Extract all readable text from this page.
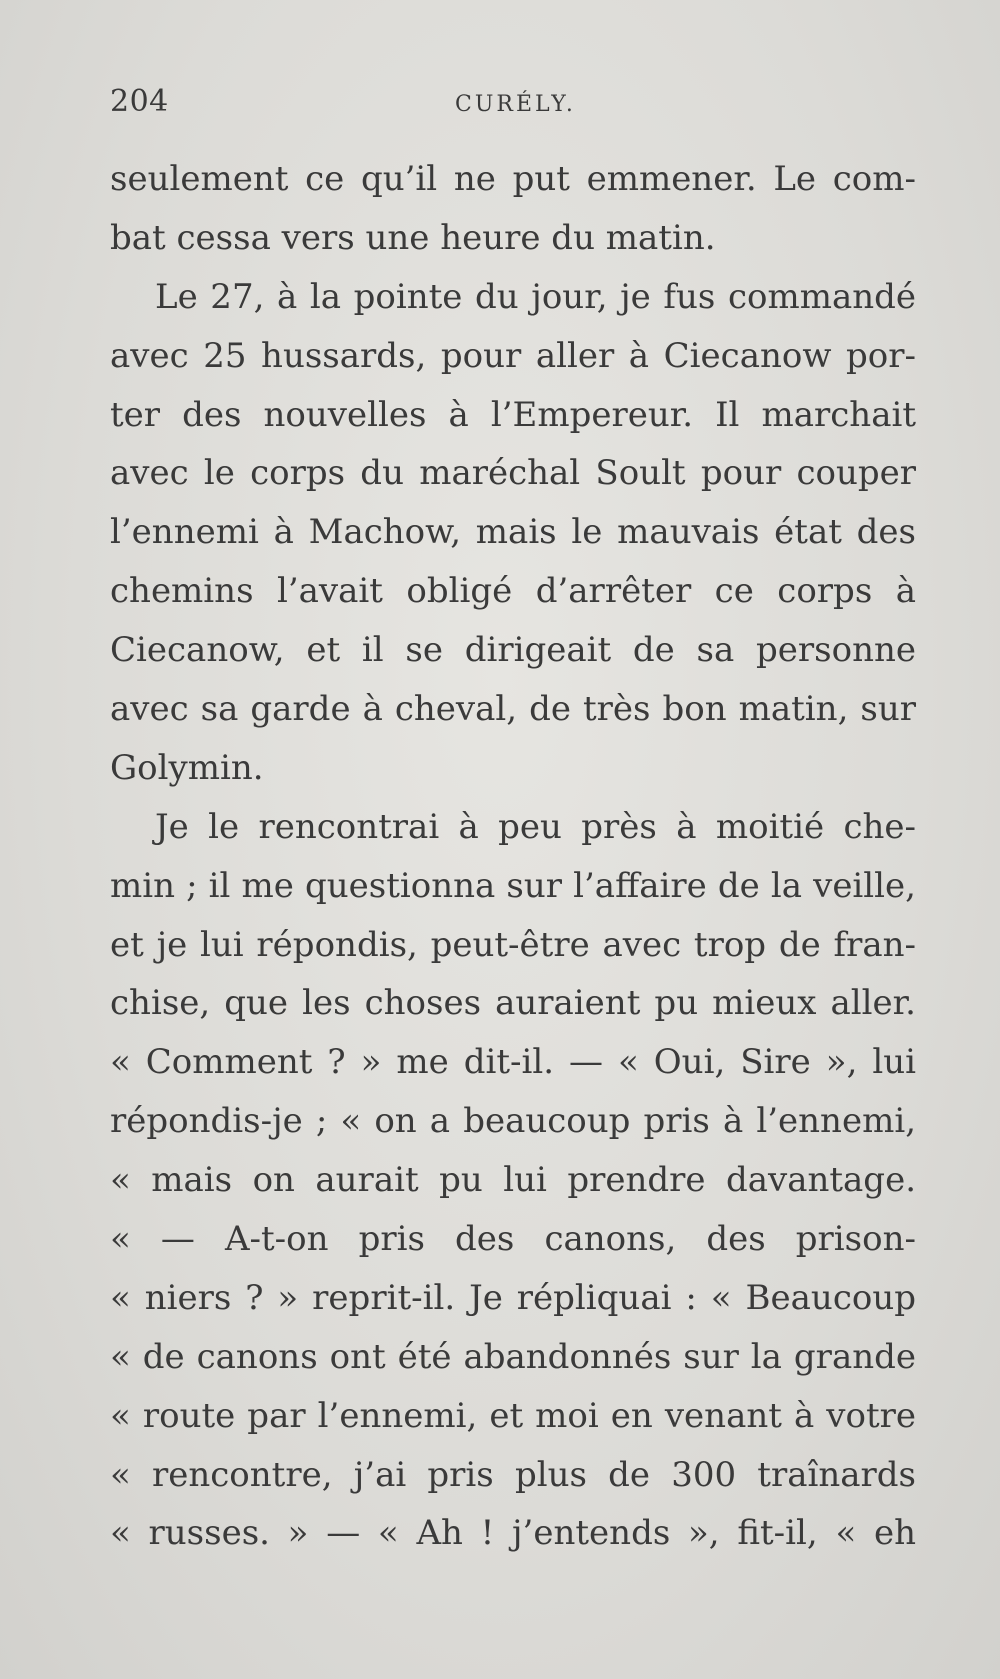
204	CURÉLY.
seulement ce qu’il ne put emmener. Le com-
bat cessa vers une heure du matin.
Le 27, à la pointe du jour, je fus commandé
avec 25 hussards, pour aller à Ciecanow por-
ter des nouvelles à l’Empereur. Il marchait
avec le corps du maréchal Soult pour couper
l’ennemi à Machow, mais le mauvais état des
chemins l’avait obligé d’arrêter ce corps à
Ciecanow, et il se dirigeait de sa personne
avec sa garde à cheval, de très bon matin, sur
Golymin.
Je le rencontrai à peu près à moitié che-
min ; il me questionna sur l’affaire de la veille,
et je lui répondis, peut-être avec trop de fran-
chise, que les choses auraient pu mieux aller.
« Comment ? » me dit-il. — « Oui, Sire », lui
répondis-je ; « on a beaucoup pris à l’ennemi,
« mais on aurait pu lui prendre davantage.
« — A-t-on pris des canons, des prison-
« niers ? » reprit-il. Je répliquai : « Beaucoup
« de canons ont été abandonnés sur la grande
« route par l’ennemi, et moi en venant à votre
« rencontre, j’ai pris plus de 300 traînards
« russes. » — « Ah ! j’entends », fit-il, « eh
